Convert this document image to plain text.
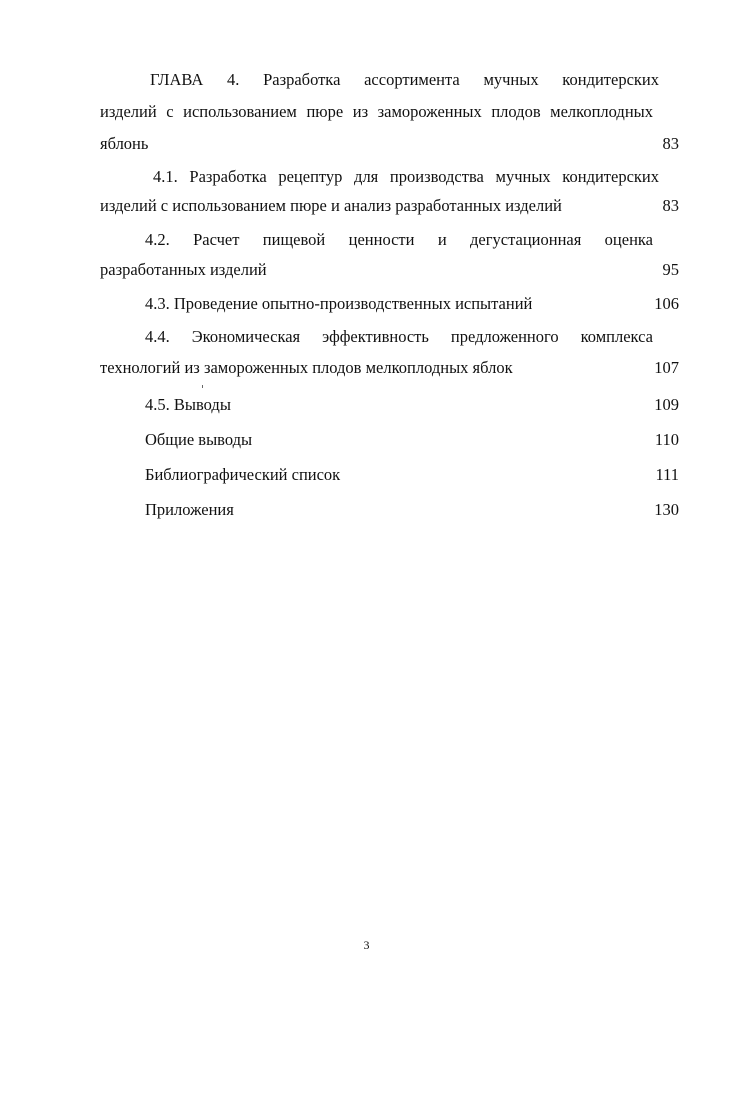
ГЛАВА 4. Разработка ассортимента мучных кондитерских
изделий с использованием пюре из замороженных плодов мелкоплодных
яблонь	83
4.1. Разработка рецептур для производства мучных кондитерских
изделий с использованием пюре и анализ разработанных изделий	83
4.2. Расчет пищевой ценности и дегустационная оценка
разработанных изделий	95
4.3. Проведение опытно-производственных испытаний	106
4.4. Экономическая эффективность предложенного комплекса
технологий из замороженных плодов мелкоплодных яблок	107
4.5. Выводы	109
Общие выводы	110
Библиографический список	111
Приложения	130
3
